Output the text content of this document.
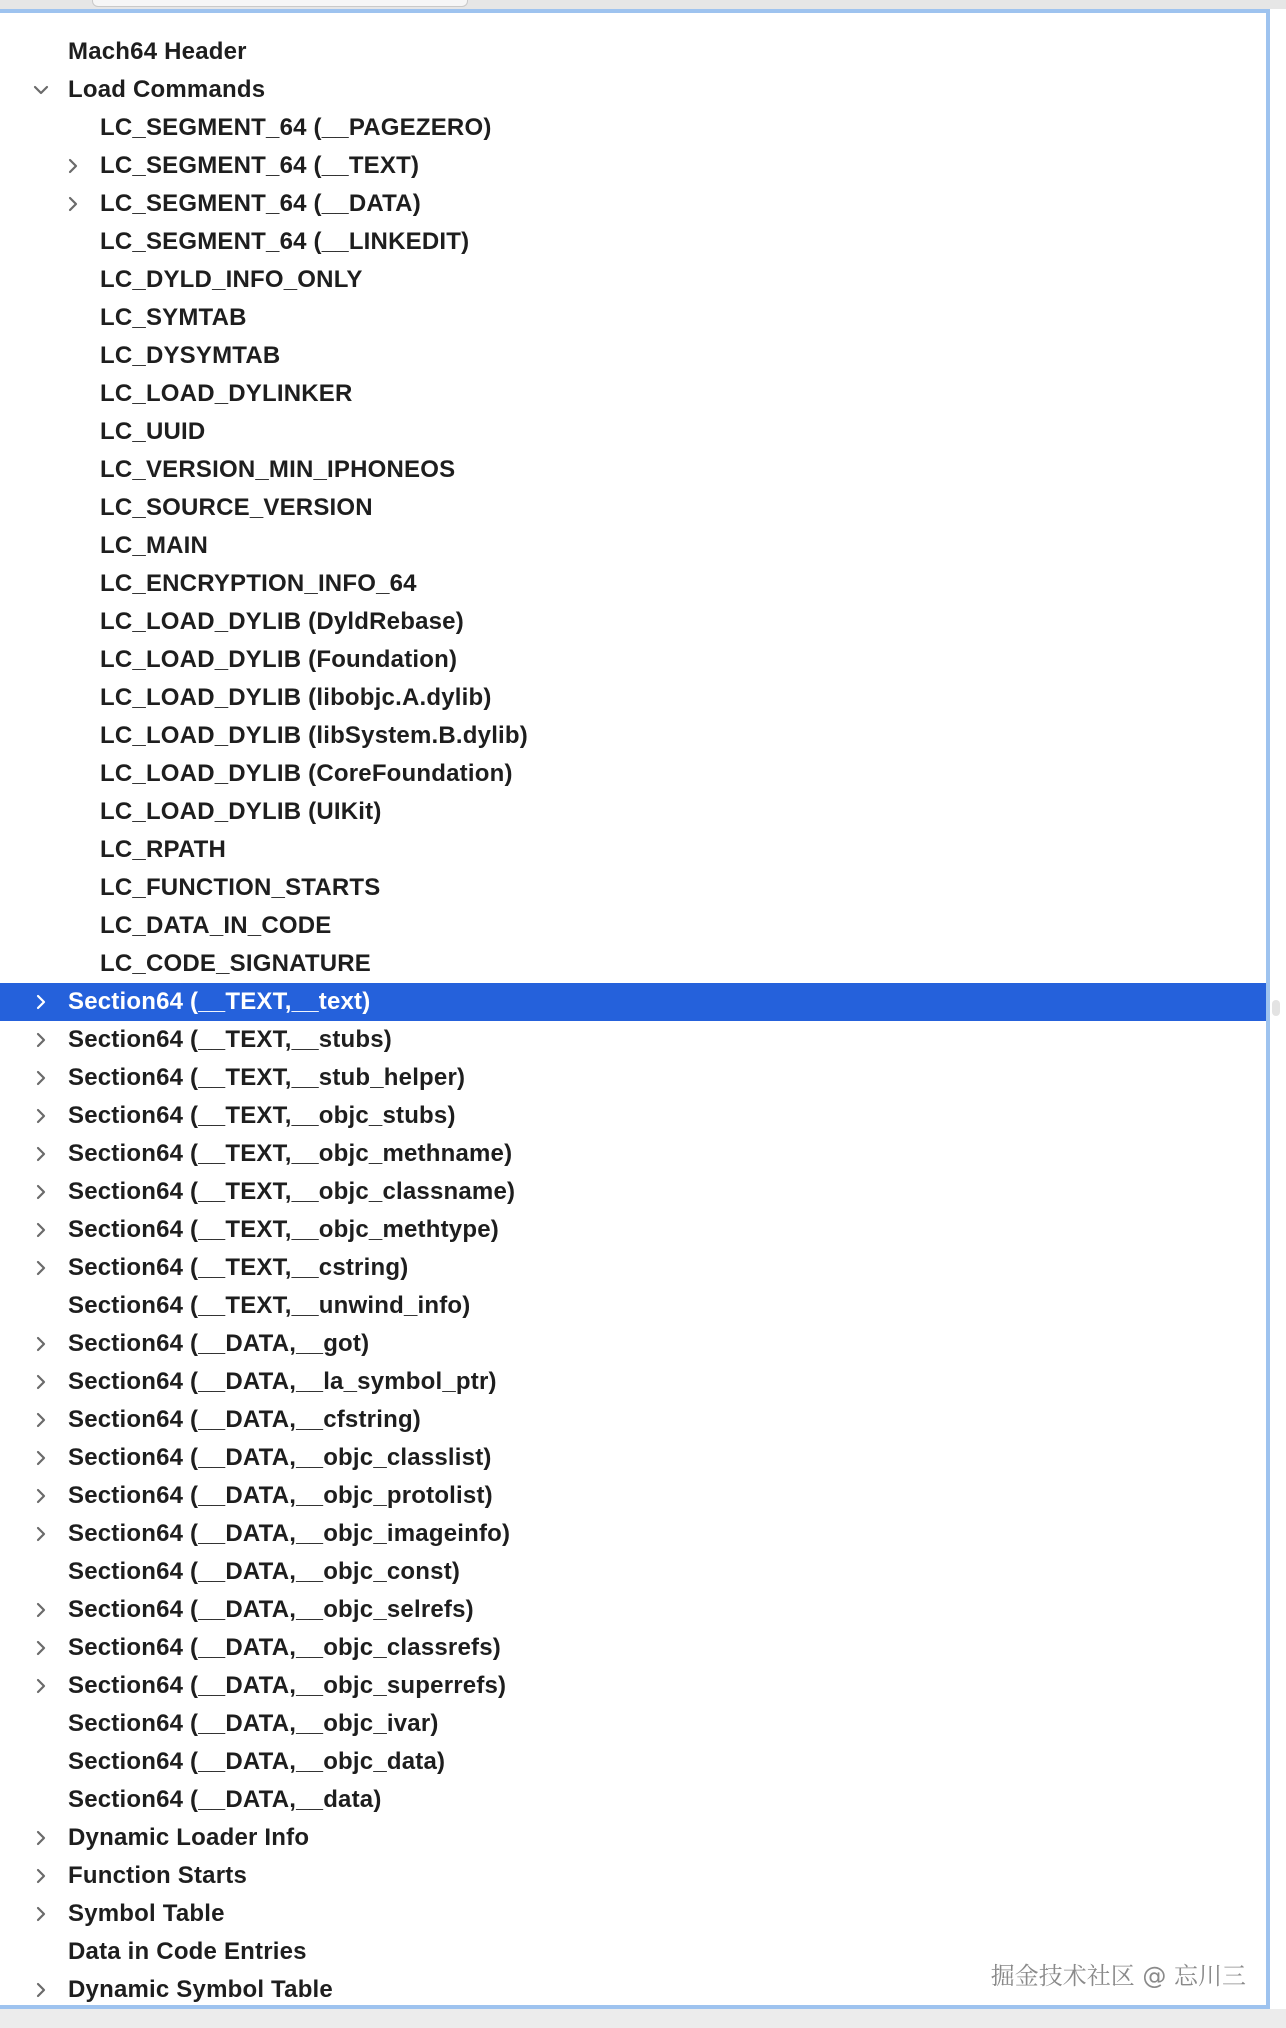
Mach64 Header
Load Commands
LC_SEGMENT_64 (__PAGEZERO)
LC_SEGMENT_64 (__TEXT)
LC_SEGMENT_64 (__DATA)
LC_SEGMENT_64 (__LINKEDIT)
LC_DYLD_INFO_ONLY
LC_SYMTAB
LC_DYSYMTAB
LC_LOAD_DYLINKER
LC_UUID
LC_VERSION_MIN_IPHONEOS
LC_SOURCE_VERSION
LC_MAIN
LC_ENCRYPTION_INFO_64
LC_LOAD_DYLIB (DyldRebase)
LC_LOAD_DYLIB (Foundation)
LC_LOAD_DYLIB (libobjc.A.dylib)
LC_LOAD_DYLIB (libSystem.B.dylib)
LC_LOAD_DYLIB (CoreFoundation)
LC_LOAD_DYLIB (UIKit)
LC_RPATH
LC_FUNCTION_STARTS
LC_DATA_IN_CODE
LC_CODE_SIGNATURE
Section64 (__TEXT,__text)
Section64 (__TEXT,__stubs)
Section64 (__TEXT,__stub_helper)
Section64 (__TEXT,__objc_stubs)
Section64 (__TEXT,__objc_methname)
Section64 (__TEXT,__objc_classname)
Section64 (__TEXT,__objc_methtype)
Section64 (__TEXT,__cstring)
Section64 (__TEXT,__unwind_info)
Section64 (__DATA,__got)
Section64 (__DATA,__la_symbol_ptr)
Section64 (__DATA,__cfstring)
Section64 (__DATA,__objc_classlist)
Section64 (__DATA,__objc_protolist)
Section64 (__DATA,__objc_imageinfo)
Section64 (__DATA,__objc_const)
Section64 (__DATA,__objc_selrefs)
Section64 (__DATA,__objc_classrefs)
Section64 (__DATA,__objc_superrefs)
Section64 (__DATA,__objc_ivar)
Section64 (__DATA,__objc_data)
Section64 (__DATA,__data)
Dynamic Loader Info
Function Starts
Symbol Table
Data in Code Entries
Dynamic Symbol Table	掘金技术社区 @ 忘川三
